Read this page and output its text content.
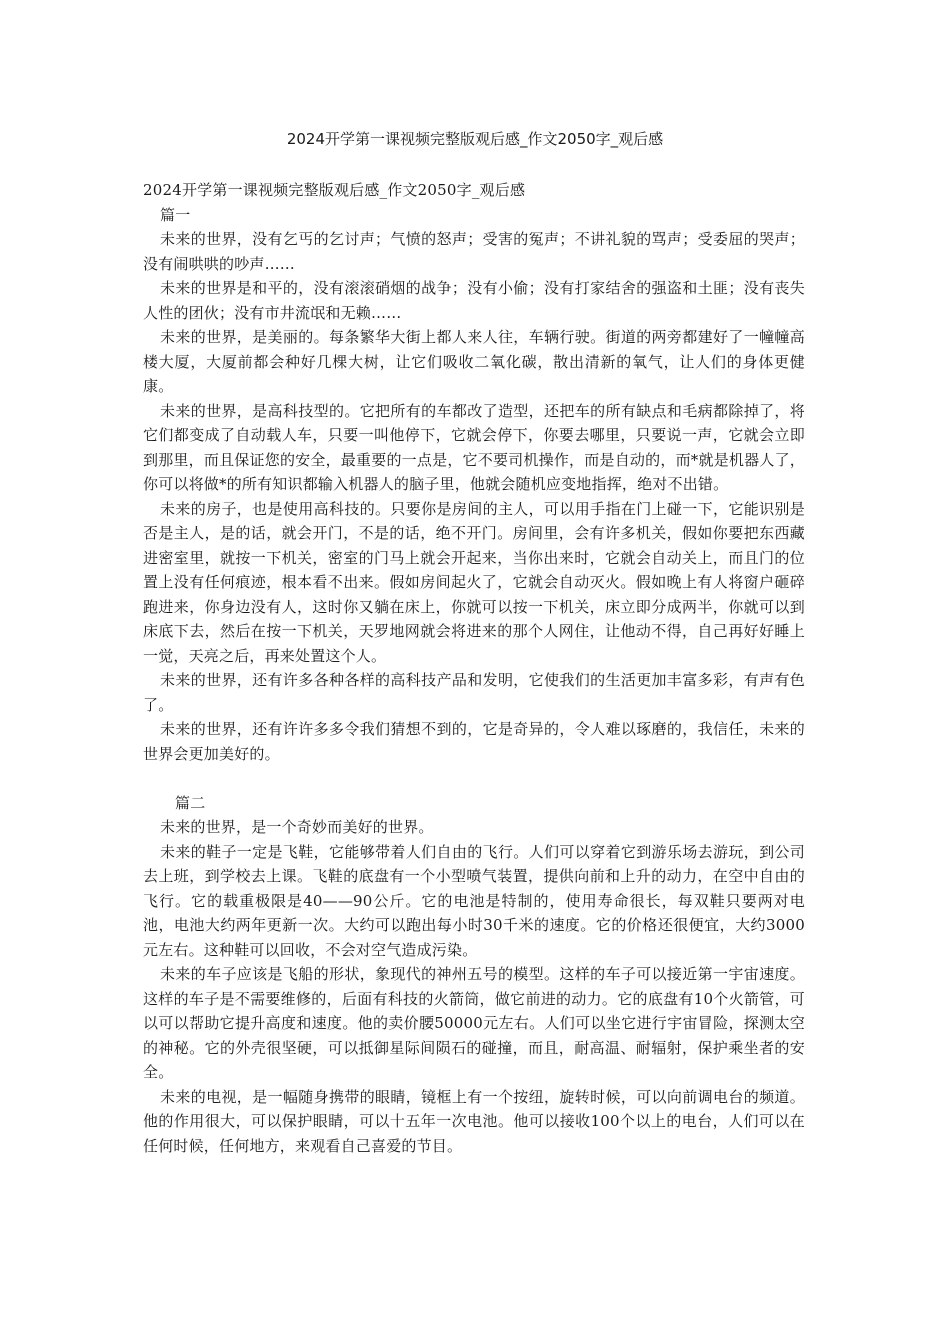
2024开学第一课视频完整版观后感_作文2050字_观后感

2024开学第一课视频完整版观后感_作文2050字_观后感

篇一

未来的世界，没有乞丐的乞讨声；气愤的怒声；受害的冤声；不讲礼貌的骂声；受委屈的哭声；没有闹哄哄的吵声……

未来的世界是和平的，没有滚滚硝烟的战争；没有小偷；没有打家结舍的强盗和土匪；没有丧失人性的团伙；没有市井流氓和无赖……

未来的世界，是美丽的。每条繁华大街上都人来人往，车辆行驶。街道的两旁都建好了一幢幢高楼大厦，大厦前都会种好几棵大树，让它们吸收二氧化碳，散出清新的氧气，让人们的身体更健康。

未来的世界，是高科技型的。它把所有的车都改了造型，还把车的所有缺点和毛病都除掉了，将它们都变成了自动载人车，只要一叫他停下，它就会停下，你要去哪里，只要说一声，它就会立即到那里，而且保证您的安全，最重要的一点是，它不要司机操作，而是自动的，而*就是机器人了，你可以将做*的所有知识都输入机器人的脑子里，他就会随机应变地指挥，绝对不出错。

未来的房子，也是使用高科技的。只要你是房间的主人，可以用手指在门上碰一下，它能识别是否是主人，是的话，就会开门，不是的话，绝不开门。房间里，会有许多机关，假如你要把东西藏进密室里，就按一下机关，密室的门马上就会开起来，当你出来时，它就会自动关上，而且门的位置上没有任何痕迹，根本看不出来。假如房间起火了，它就会自动灭火。假如晚上有人将窗户砸碎跑进来，你身边没有人，这时你又躺在床上，你就可以按一下机关，床立即分成两半，你就可以到床底下去，然后在按一下机关，天罗地网就会将进来的那个人网住，让他动不得，自己再好好睡上一觉，天亮之后，再来处置这个人。

未来的世界，还有许多各种各样的高科技产品和发明，它使我们的生活更加丰富多彩，有声有色了。

未来的世界，还有许许多多令我们猜想不到的，它是奇异的，令人难以琢磨的，我信任，未来的世界会更加美好的。

篇二

未来的世界，是一个奇妙而美好的世界。

未来的鞋子一定是飞鞋，它能够带着人们自由的飞行。人们可以穿着它到游乐场去游玩，到公司去上班，到学校去上课。飞鞋的底盘有一个小型喷气装置，提供向前和上升的动力，在空中自由的飞行。它的载重极限是40——90公斤。它的电池是特制的，使用寿命很长，每双鞋只要两对电池，电池大约两年更新一次。大约可以跑出每小时30千米的速度。它的价格还很便宜，大约3000元左右。这种鞋可以回收，不会对空气造成污染。

未来的车子应该是飞船的形状，象现代的神州五号的模型。这样的车子可以接近第一宇宙速度。这样的车子是不需要维修的，后面有科技的火箭筒，做它前进的动力。它的底盘有10个火箭管，可以可以帮助它提升高度和速度。他的卖价腰50000元左右。人们可以坐它进行宇宙冒险，探测太空的神秘。它的外壳很坚硬，可以抵御星际间陨石的碰撞，而且，耐高温、耐辐射，保护乘坐者的安全。

未来的电视，是一幅随身携带的眼睛，镜框上有一个按纽，旋转时候，可以向前调电台的频道。他的作用很大，可以保护眼睛，可以十五年一次电池。他可以接收100个以上的电台，人们可以在任何时候，任何地方，来观看自己喜爱的节目。
